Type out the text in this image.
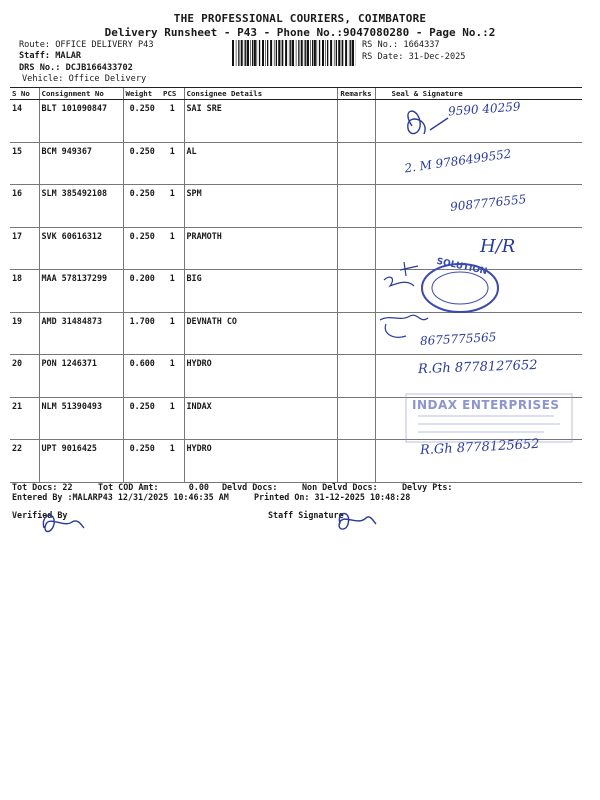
THE PROFESSIONAL COURIERS, COIMBATORE
Delivery Runsheet - P43 - Phone No.:9047080280 - Page No.:2
Route: OFFICE DELIVERY P43
Staff: MALAR
DRS No.: DCJB166433702
Vehicle: Office Delivery
RS No.: 1664337
RS Date: 31-Dec-2025
S No	Consignment No	Weight	PCS	Consignee Details	Remarks	Seal & Signature
14	BLT 101090847	0.250	1	SAI SRE		
15	BCM 949367	0.250	1	AL		
16	SLM 385492108	0.250	1	SPM		
17	SVK 60616312	0.250	1	PRAMOTH		
18	MAA 578137299	0.200	1	BIG		
19	AMD 31484873	1.700	1	DEVNATH CO		
20	PON 1246371	0.600	1	HYDRO		
21	NLM 51390493	0.250	1	INDAX		
22	UPT 9016425	0.250	1	HYDRO		
9590 40259
2. M 9786499552
9087776555
H/R
8675775565
R.Gh 8778127652
R.Gh 8778125652
SOLUTION
INDAX ENTERPRISES
Tot Docs: 22	Tot COD Amt:      0.00 Delvd Docs:	Non Delvd Docs:	Delvy Pts:
Entered By :MALARP43 12/31/2025 10:46:35 AM	Printed On: 31-12-2025 10:48:28
Verified By	Staff Signature
